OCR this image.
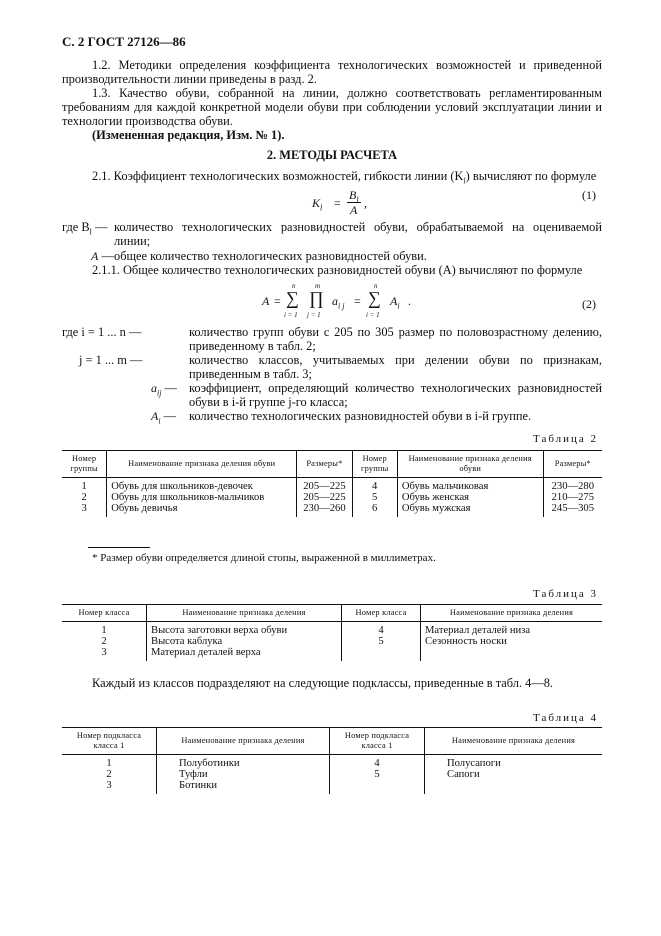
С. 2 ГОСТ 27126—86
1.2. Методики определения коэффициента технологических возможностей и приведенной производительности линии приведены в разд. 2.
1.3. Качество обуви, собранной на линии, должно соответствовать регламентированным требованиям для каждой конкретной модели обуви при соблюдении условий эксплуатации линии и технологии производства обуви.
(Измененная редакция, Изм. № 1).
2. МЕТОДЫ РАСЧЕТА
2.1. Коэффициент технологических возможностей, гибкости линии $(K_l)$ вычисляют по формуле
$K_l$ =
$B_l$
A ,
(1)
где $B_l$ — количество технологических разновидностей обуви, обрабатываемой на оцениваемой линии;
A — общее количество технологических разновидностей обуви.
2.1.1. Общее количество технологических разновидностей обуви (A) вычисляют по формуле
A =
n
∑
i = 1
m
∏
j = 1
$a_{i j}$ =
n
∑
i = 1
$A_i$ .	(2)
где i = 1 ... n —	количество групп обуви с 205 по 305 размер по половозрастному делению, приведенному в табл. 2;
j = 1 ... m —	количество классов, учитываемых при делении обуви по признакам, приведенным в табл. 3;
$a_{ij}$ — коэффициент, определяющий количество технологических разновидностей обуви в i-й группе j-го класса;
$A_i$ — количество технологических разновидностей обуви в i-й группе.
Таблица 2
Номер группы	Наименование признака деления обуви	Размеры*	Номер группы	Наименование признака деления обуви	Размеры*
1	Обувь для школьников-девочек	205—225	4	Обувь мальчиковая	230—280
2	Обувь для школьников-мальчиков	205—225	5	Обувь женская	210—275
3	Обувь девичья	230—260	6	Обувь мужская	245—305
* Размер обуви определяется длиной стопы, выраженной в миллиметрах.
Таблица 3
Номер класса	Наименование признака деления	Номер класса	Наименование признака деления
1	Высота заготовки верха обуви	4	Материал деталей низа
2	Высота каблука	5	Сезонность носки
3	Материал деталей верха		
Каждый из классов подразделяют на следующие подклассы, приведенные в табл. 4—8.
Таблица 4
Номер подкласса класса 1	Наименование признака деления	Номер подкласса класса 1	Наименование признака деления
1	Полуботинки	4	Полусапоги
2	Туфли	5	Сапоги
3	Ботинки		
